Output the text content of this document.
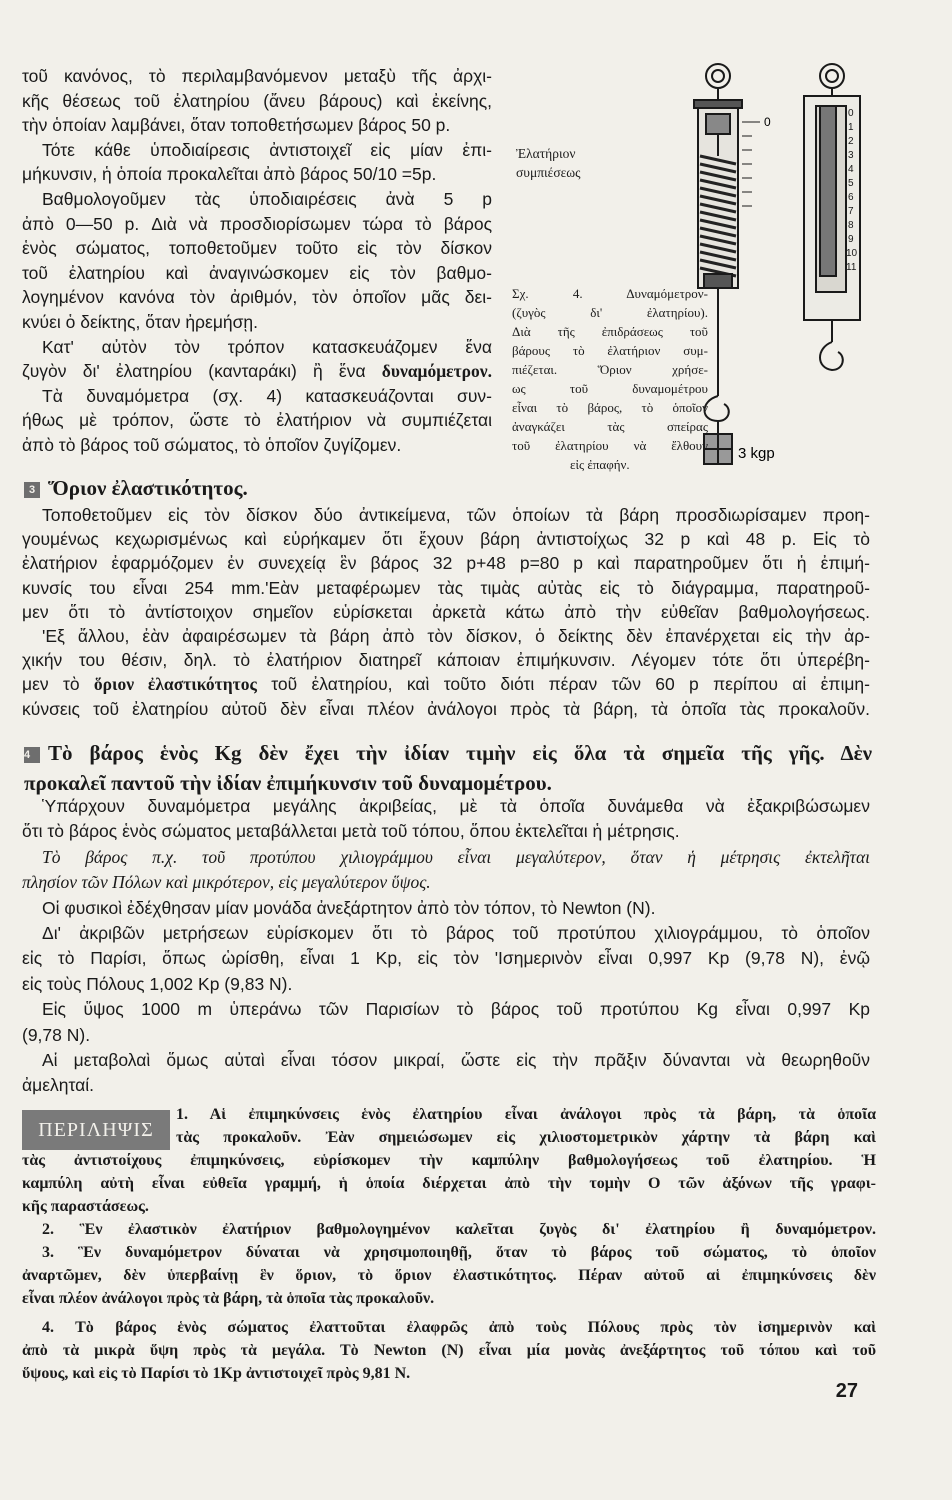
τοῦ κανόνος, τὸ περιλαμβανόμενον μεταξὺ τῆς ἀρχι-
κῆς θέσεως τοῦ ἐλατηρίου (ἄνευ βάρους) καὶ ἐκείνης,
τὴν ὁποίαν λαμβάνει, ὅταν τοποθετήσωμεν βάρος 50 p.
Τότε κάθε ὑποδιαίρεσις ἀντιστοιχεῖ εἰς μίαν ἐπι-
μήκυνσιν, ἡ ὁποία προκαλεῖται ἀπὸ βάρος 50/10 =5p.
Βαθμολογοῦμεν τὰς ὑποδιαιρέσεις ἀνὰ 5 p
ἀπὸ 0—50 p. Διὰ νὰ προσδιορίσωμεν τώρα τὸ βάρος
ἑνὸς σώματος, τοποθετοῦμεν τοῦτο εἰς τὸν δίσκον
τοῦ ἐλατηρίου καὶ ἀναγινώσκομεν εἰς τὸν βαθμο-
λογημένον κανόνα τὸν ἀριθμόν, τὸν ὁποῖον μᾶς δει-
κνύει ὁ δείκτης, ὅταν ἠρεμήσῃ.
Κατ' αὐτὸν τὸν τρόπον κατασκευάζομεν ἕνα
ζυγὸν δι' ἐλατηρίου (κανταράκι) ἢ ἕνα δυναμόμετρον.
Τὰ δυναμόμετρα (σχ. 4) κατασκευάζονται συν-
ήθως μὲ τρόπον, ὥστε τὸ ἐλατήριον νὰ συμπιέζεται
ἀπὸ τὸ βάρος τοῦ σώματος, τὸ ὁποῖον ζυγίζομεν.
0
3 kgp
0
1
2
3
4
5
6
7
8
9
10
11
Ἐλατήριον συμπιέσεως
Σχ. 4. Δυναμόμετρον-
(ζυγὸς δι' ἐλατηρίου).
Διὰ τῆς ἐπιδράσεως τοῦ
βάρους τὸ ἐλατήριον συμ-
πιέζεται. Ὅριον χρήσε-
ως τοῦ δυναμομέτρου
εἶναι τὸ βάρος, τὸ ὁποῖον
ἀναγκάζει τὰς σπείρας
τοῦ ἐλατηρίου νὰ ἔλθουν
εἰς ἐπαφήν.
3 Ὅριον ἐλαστικότητος.
Τοποθετοῦμεν εἰς τὸν δίσκον δύο ἀντικείμενα, τῶν ὁποίων τὰ βάρη προσδιωρίσαμεν προη-
γουμένως κεχωρισμένως καὶ εὑρήκαμεν ὅτι ἔχουν βάρη ἀντιστοίχως 32 p καὶ 48 p. Εἰς τὸ
ἐλατήριον ἐφαρμόζομεν ἐν συνεχείᾳ ἓν βάρος 32 p+48 p=80 p καὶ παρατηροῦμεν ὅτι ἡ ἐπιμή-
κυνσίς του εἶναι 254 mm.'Εὰν μεταφέρωμεν τὰς τιμὰς αὐτὰς εἰς τὸ διάγραμμα, παρατηροῦ-
μεν ὅτι τὸ ἀντίστοιχον σημεῖον εὑρίσκεται ἀρκετὰ κάτω ἀπὸ τὴν εὐθεῖαν βαθμολογήσεως.
'Εξ ἄλλου, ἐὰν ἀφαιρέσωμεν τὰ βάρη ἀπὸ τὸν δίσκον, ὁ δείκτης δὲν ἐπανέρχεται εἰς τὴν ἀρ-
χικήν του θέσιν, δηλ. τὸ ἐλατήριον διατηρεῖ κάποιαν ἐπιμήκυνσιν. Λέγομεν τότε ὅτι ὑπερέβη-
μεν τὸ ὅριον ἐλαστικότητος τοῦ ἐλατηρίου, καὶ τοῦτο διότι πέραν τῶν 60 p περίπου αἱ ἐπιμη-
κύνσεις τοῦ ἐλατηρίου αὐτοῦ δὲν εἶναι πλέον ἀνάλογοι πρὸς τὰ βάρη, τὰ ὁποῖα τὰς προκαλοῦν.
4 Τὸ βάρος ἑνὸς Kg δὲν ἔχει τὴν ἰδίαν τιμὴν εἰς ὅλα τὰ σημεῖα τῆς γῆς. Δὲν
προκαλεῖ παντοῦ τὴν ἰδίαν ἐπιμήκυνσιν τοῦ δυναμομέτρου.
Ὑπάρχουν δυναμόμετρα μεγάλης ἀκριβείας, μὲ τὰ ὁποῖα δυνάμεθα νὰ ἐξακριβώσωμεν
ὅτι τὸ βάρος ἑνὸς σώματος μεταβάλλεται μετὰ τοῦ τόπου, ὅπου ἐκτελεῖται ἡ μέτρησις.
Τὸ βάρος π.χ. τοῦ προτύπου χιλιογράμμου εἶναι μεγαλύτερον, ὅταν ἡ μέτρησις ἐκτελῆται
πλησίον τῶν Πόλων καὶ μικρότερον, εἰς μεγαλύτερον ὕψος.
Οἱ φυσικοὶ ἐδέχθησαν μίαν μονάδα ἀνεξάρτητον ἀπὸ τὸν τόπον, τὸ Newton (N).
Δι' ἀκριβῶν μετρήσεων εὑρίσκομεν ὅτι τὸ βάρος τοῦ προτύπου χιλιογράμμου, τὸ ὁποῖον
εἰς τὸ Παρίσι, ὅπως ὡρίσθη, εἶναι 1 Kp, εἰς τὸν 'Ισημερινὸν εἶναι 0,997 Kp (9,78 N), ἐνῷ
εἰς τοὺς Πόλους 1,002 Kp (9,83 N).
Εἰς ὕψος 1000 m ὑπεράνω τῶν Παρισίων τὸ βάρος τοῦ προτύπου Kg εἶναι 0,997 Kp
(9,78 N).
Αἱ μεταβολαὶ ὅμως αὐταὶ εἶναι τόσον μικραί, ὥστε εἰς τὴν πρᾶξιν δύνανται νὰ θεωρηθοῦν
ἀμεληταί.
ΠΕΡΙΛΗΨΙΣ
1. Αἱ ἐπιμηκύνσεις ἑνὸς ἐλατηρίου εἶναι ἀνάλογοι πρὸς τὰ βάρη, τὰ ὁποῖα
τὰς προκαλοῦν. Ἐὰν σημειώσωμεν εἰς χιλιοστομετρικὸν χάρτην τὰ βάρη καὶ
τὰς ἀντιστοίχους ἐπιμηκύνσεις, εὑρίσκομεν τὴν καμπύλην βαθμολογήσεως τοῦ ἐλατηρίου. Ἡ
καμπύλη αὐτὴ εἶναι εὐθεῖα γραμμή, ἡ ὁποία διέρχεται ἀπὸ τὴν τομὴν O τῶν ἀξόνων τῆς γραφι-
κῆς παραστάσεως.
2. Ἓν ἐλαστικὸν ἐλατήριον βαθμολογημένον καλεῖται ζυγὸς δι' ἐλατηρίου ἢ δυναμόμετρον.
3. Ἓν δυναμόμετρον δύναται νὰ χρησιμοποιηθῇ, ὅταν τὸ βάρος τοῦ σώματος, τὸ ὁποῖον
ἀναρτῶμεν, δὲν ὑπερβαίνῃ ἓν ὅριον, τὸ ὅριον ἐλαστικότητος. Πέραν αὐτοῦ αἱ ἐπιμηκύνσεις δὲν
εἶναι πλέον ἀνάλογοι πρὸς τὰ βάρη, τὰ ὁποῖα τὰς προκαλοῦν.
4. Τὸ βάρος ἑνὸς σώματος ἐλαττοῦται ἐλαφρῶς ἀπὸ τοὺς Πόλους πρὸς τὸν ἰσημερινὸν καὶ
ἀπὸ τὰ μικρὰ ὕψη πρὸς τὰ μεγάλα. Τὸ Newton (N) εἶναι μία μονὰς ἀνεξάρτητος τοῦ τόπου καὶ τοῦ
ὕψους, καὶ εἰς τὸ Παρίσι τὸ 1Kp ἀντιστοιχεῖ πρὸς 9,81 N.
27
